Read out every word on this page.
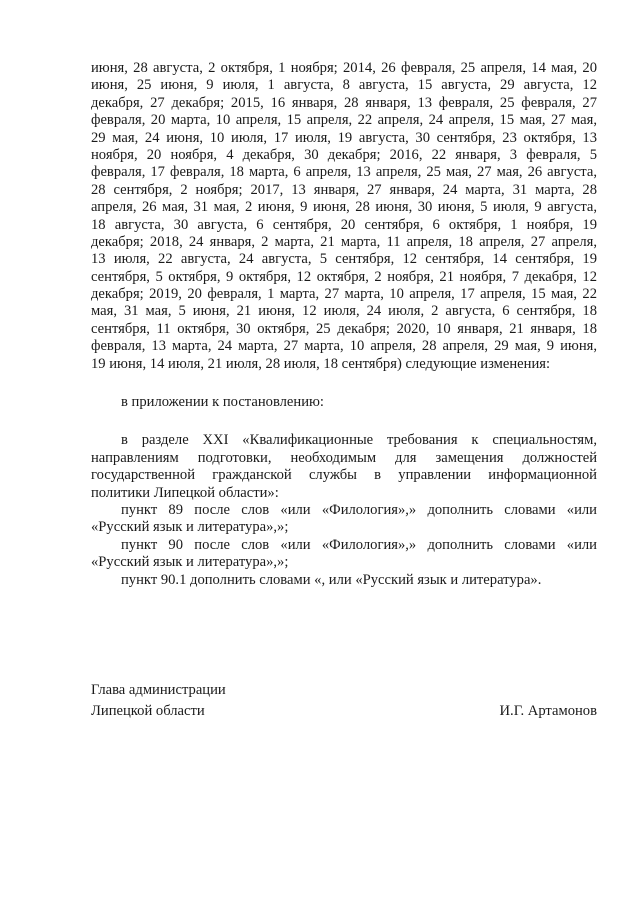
июня, 28 августа, 2 октября, 1 ноября; 2014, 26 февраля, 25 апреля, 14 мая, 20
июня, 25 июня, 9 июля, 1 августа, 8 августа, 15 августа, 29 августа, 12
декабря, 27 декабря; 2015, 16 января, 28 января, 13 февраля, 25 февраля, 27
февраля, 20 марта, 10 апреля, 15 апреля, 22 апреля, 24 апреля, 15 мая, 27 мая,
29 мая, 24 июня, 10 июля, 17 июля, 19 августа, 30 сентября, 23 октября, 13
ноября, 20 ноября, 4 декабря, 30 декабря; 2016, 22 января, 3 февраля, 5
февраля, 17 февраля, 18 марта, 6 апреля, 13 апреля, 25 мая, 27 мая, 26 августа,
28 сентября, 2 ноября; 2017, 13 января, 27 января, 24 марта, 31 марта, 28
апреля, 26 мая, 31 мая, 2 июня, 9 июня, 28 июня, 30 июня, 5 июля, 9 августа,
18 августа, 30 августа, 6 сентября, 20 сентября, 6 октября, 1 ноября, 19
декабря; 2018, 24 января, 2 марта, 21 марта, 11 апреля, 18 апреля, 27 апреля,
13 июля, 22 августа, 24 августа, 5 сентября, 12 сентября, 14 сентября, 19
сентября, 5 октября, 9 октября, 12 октября, 2 ноября, 21 ноября, 7 декабря, 12
декабря; 2019, 20 февраля, 1 марта, 27 марта, 10 апреля, 17 апреля, 15 мая, 22
мая, 31 мая, 5 июня, 21 июня, 12 июля, 24 июля, 2 августа, 6 сентября, 18
сентября, 11 октября, 30 октября, 25 декабря; 2020, 10 января, 21 января, 18
февраля, 13 марта, 24 марта, 27 марта, 10 апреля, 28 апреля, 29 мая, 9 июня,
19 июня, 14 июля, 21 июля, 28 июля, 18 сентября) следующие изменения:
в приложении к постановлению:
в разделе XXI «Квалификационные требования к специальностям,
направлениям подготовки, необходимым для замещения должностей
государственной гражданской службы в управлении информационной
политики Липецкой области»:
пункт 89 после слов «или «Филология»,» дополнить словами «или
«Русский язык и литература»,»;
пункт 90 после слов «или «Филология»,» дополнить словами «или
«Русский язык и литература»,»;
пункт 90.1 дополнить словами «, или «Русский язык и литература».
Глава администрации
Липецкой области	И.Г. Артамонов
